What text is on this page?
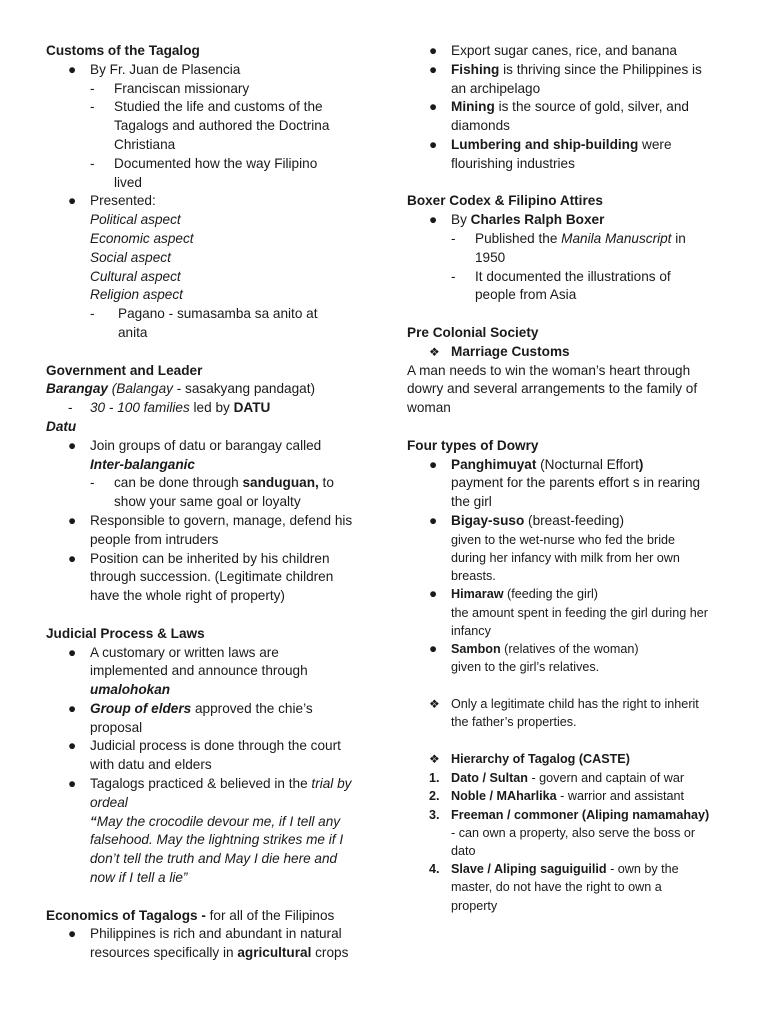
Customs of the Tagalog
●	By Fr. Juan de Plasencia
-	Franciscan missionary
-	Studied the life and customs of the
Tagalogs and authored the Doctrina
Christiana
-	Documented how the way Filipino
lived
●	Presented:
Political aspect
Economic aspect
Social aspect
Cultural aspect
Religion aspect
-	Pagano - sumasamba sa anito at
anita
Government and Leader
Barangay (Balangay - sasakyang pandagat)
-	30 - 100 families led by DATU
Datu
●	Join groups of datu or barangay called
Inter-balanganic
-	can be done through sanduguan, to
show your same goal or loyalty
●	Responsible to govern, manage, defend his
people from intruders
●	Position can be inherited by his children
through succession. (Legitimate children
have the whole right of property)
Judicial Process & Laws
●	A customary or written laws are
implemented and announce through
umalohokan
●	Group of elders approved the chie’s
proposal
●	Judicial process is done through the court
with datu and elders
●	Tagalogs practiced & believed in the trial by
ordeal
“May the crocodile devour me, if I tell any
falsehood. May the lightning strikes me if I
don’t tell the truth and May I die here and
now if I tell a lie”
Economics of Tagalogs - for all of the Filipinos
●	Philippines is rich and abundant in natural
resources specifically in agricultural crops
●	Export sugar canes, rice, and banana
●	Fishing is thriving since the Philippines is
an archipelago
●	Mining is the source of gold, silver, and
diamonds
●	Lumbering and ship-building were
flourishing industries
Boxer Codex & Filipino Attires
●	By Charles Ralph Boxer
-	Published the Manila Manuscript in
1950
-	It documented the illustrations of
people from Asia
Pre Colonial Society
❖ Marriage Customs
A man needs to win the woman’s heart through
dowry and several arrangements to the family of
woman
Four types of Dowry
●	Panghimuyat (Nocturnal Effort)
payment for the parents effort s in rearing
the girl
●	Bigay-suso (breast-feeding)
given to the wet-nurse who fed the bride
during her infancy with milk from her own
breasts.
●	Himaraw (feeding the girl)
the amount spent in feeding the girl during her
infancy
●	Sambon (relatives of the woman)
given to the girl’s relatives.
❖ Only a legitimate child has the right to inherit
the father’s properties.
❖ Hierarchy of Tagalog (CASTE)
1. Dato / Sultan - govern and captain of war
2. Noble / MAharlika - warrior and assistant
3. Freeman / commoner (Aliping namamahay)
- can own a property, also serve the boss or
dato
4. Slave / Aliping saguiguilid - own by the
master, do not have the right to own a
property
